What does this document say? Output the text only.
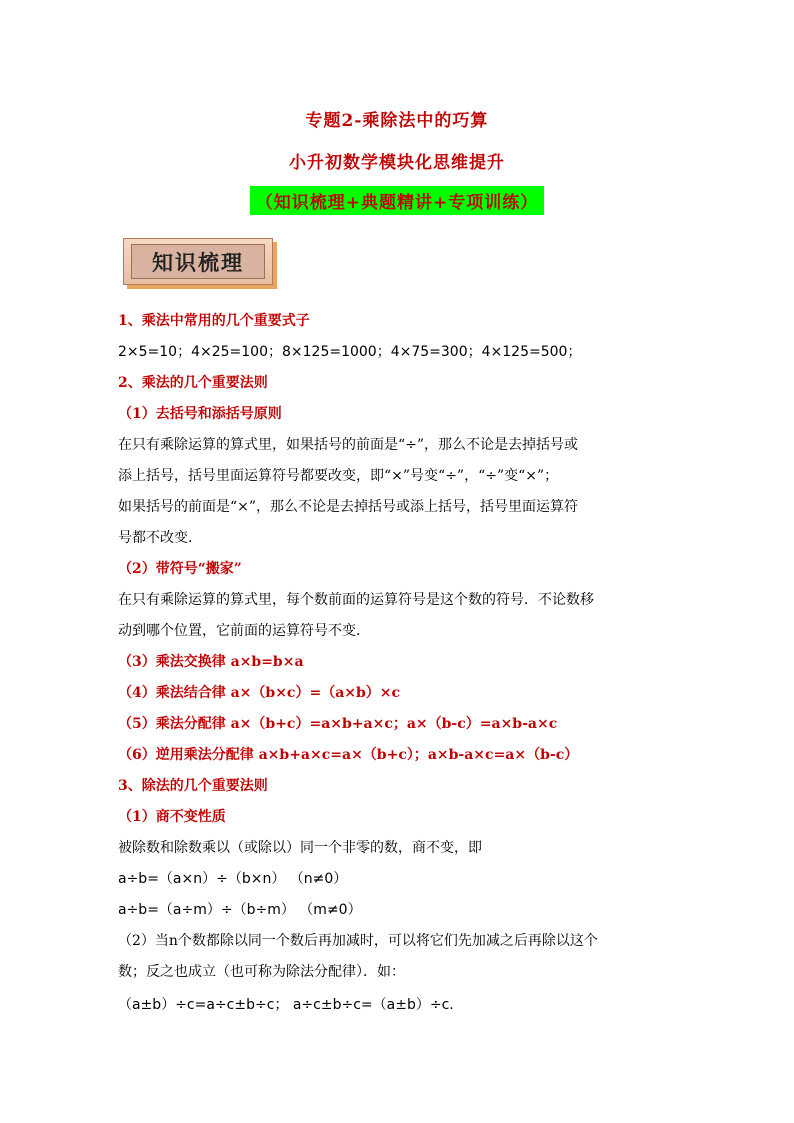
专题2-乘除法中的巧算
小升初数学模块化思维提升
（知识梳理+典题精讲+专项训练）
知识梳理
1、乘法中常用的几个重要式子
2×5=10；4×25=100；8×125=1000；4×75=300；4×125=500；
2、乘法的几个重要法则
（1）去括号和添括号原则
在只有乘除运算的算式里，如果括号的前面是“÷”，那么不论是去掉括号或
添上括号，括号里面运算符号都要改变，即“×”号变“÷”，“÷”变“×”；
如果括号的前面是“×”，那么不论是去掉括号或添上括号，括号里面运算符
号都不改变.
（2）带符号“搬家”
在只有乘除运算的算式里，每个数前面的运算符号是这个数的符号．不论数移
动到哪个位置，它前面的运算符号不变.
（3）乘法交换律 a×b=b×a
（4）乘法结合律 a×（b×c）=（a×b）×c
（5）乘法分配律 a×（b+c）=a×b+a×c；a×（b-c）=a×b-a×c
（6）逆用乘法分配律 a×b+a×c=a×（b+c）；a×b-a×c=a×（b-c）
3、除法的几个重要法则
（1）商不变性质
被除数和除数乘以（或除以）同一个非零的数，商不变，即
a÷b=（a×n）÷（b×n） （n≠0）
a÷b=（a÷m）÷（b÷m） （m≠0）
（2）当n个数都除以同一个数后再加减时，可以将它们先加减之后再除以这个
数；反之也成立（也可称为除法分配律）．如：
（a±b）÷c=a÷c±b÷c； a÷c±b÷c=（a±b）÷c.
